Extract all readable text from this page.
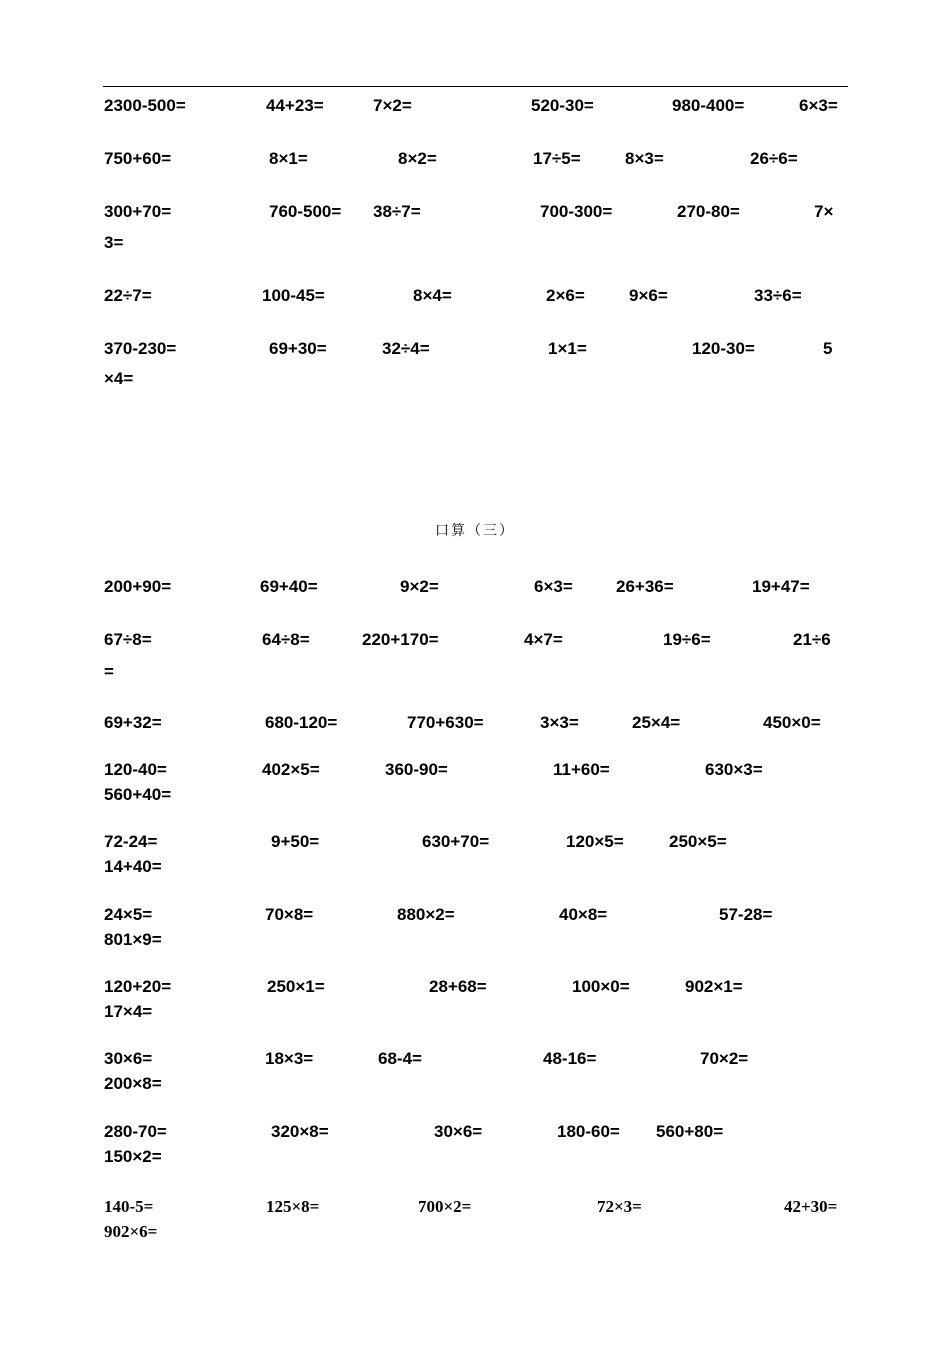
2300-500=	44+23=	7×2=	520-30=	980-400=	6×3=
750+60=	8×1=	8×2=	17÷5=	8×3=	26÷6=
300+70=	760-500= 38÷7=	700-300=	270-80=	7×
3=
22÷7=	100-45=	8×4=	2×6=	9×6=	33÷6=
370-230=	69+30=	32÷4=	1×1=	120-30=	5
×4=
口算（三）
200+90=	69+40=	9×2=	6×3=	26+36=	19+47=
67÷8=	64÷8=	220+170=	4×7=	19÷6=	21÷6
=
69+32=	680-120=	770+630=	3×3=	25×4=	450×0=
120-40=	402×5=	360-90=	11+60=	630×3=
560+40=
72-24=	9+50=	630+70=	120×5=	250×5=
14+40=
24×5=	70×8=	880×2=	40×8=	57-28=
801×9=
120+20=	250×1=	28+68=	100×0=	902×1=
17×4=
30×6=	18×3=	68-4=	48-16=	70×2=
200×8=
280-70=	320×8=	30×6=	180-60= 560+80=
150×2=
140-5=	125×8=	700×2=	72×3=	42+30=
902×6=
